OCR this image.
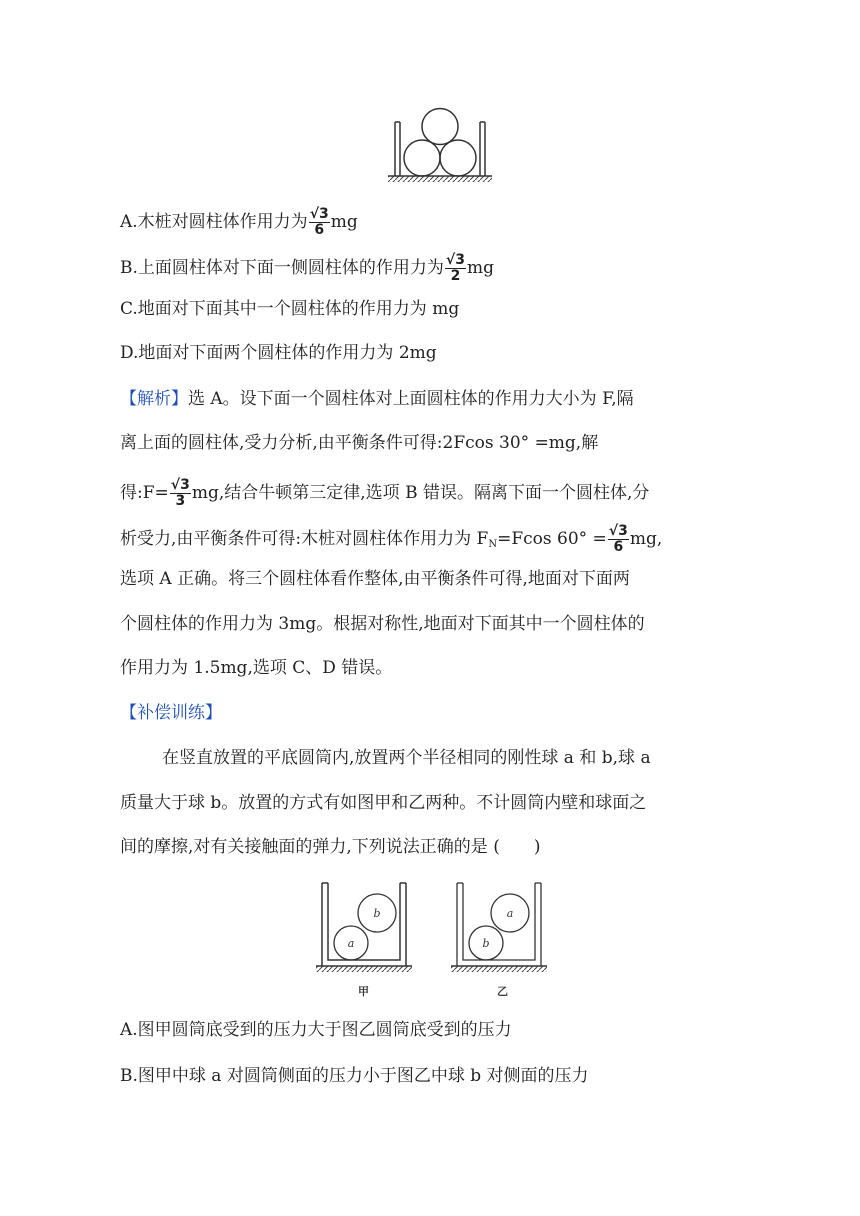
A.木桩对圆柱体作用力为 $\frac{√3}{6}$ mg
B.上面圆柱体对下面一侧圆柱体的作用力为 $\frac{√3}{2}$ mg
C.地面对下面其中一个圆柱体的作用力为 mg
D.地面对下面两个圆柱体的作用力为 2mg
【解析】选 A。设下面一个圆柱体对上面圆柱体的作用力大小为 F,隔
离上面的圆柱体,受力分析,由平衡条件可得:2Fcos 30° =mg,解
得:F= $\frac{√3}{3}$ mg,结合牛顿第三定律,选项 B 错误。隔离下面一个圆柱体,分
析受力,由平衡条件可得:木桩对圆柱体作用力为 $F_N=Fcos$ $60^\circ = \frac{√3}{6}$ mg,
选项 A 正确。将三个圆柱体看作整体,由平衡条件可得,地面对下面两
个圆柱体的作用力为 3mg。根据对称性,地面对下面其中一个圆柱体的
作用力为 1.5mg,选项 C、D 错误。
【补偿训练】
在竖直放置的平底圆筒内,放置两个半径相同的刚性球 a 和 b,球 a
质量大于球 b。放置的方式有如图甲和乙两种。不计圆筒内壁和球面之
间的摩擦,对有关接触面的弹力,下列说法正确的是 (　　)
a
b
甲
b
a
乙
A.图甲圆筒底受到的压力大于图乙圆筒底受到的压力
B.图甲中球 a 对圆筒侧面的压力小于图乙中球 b 对侧面的压力
